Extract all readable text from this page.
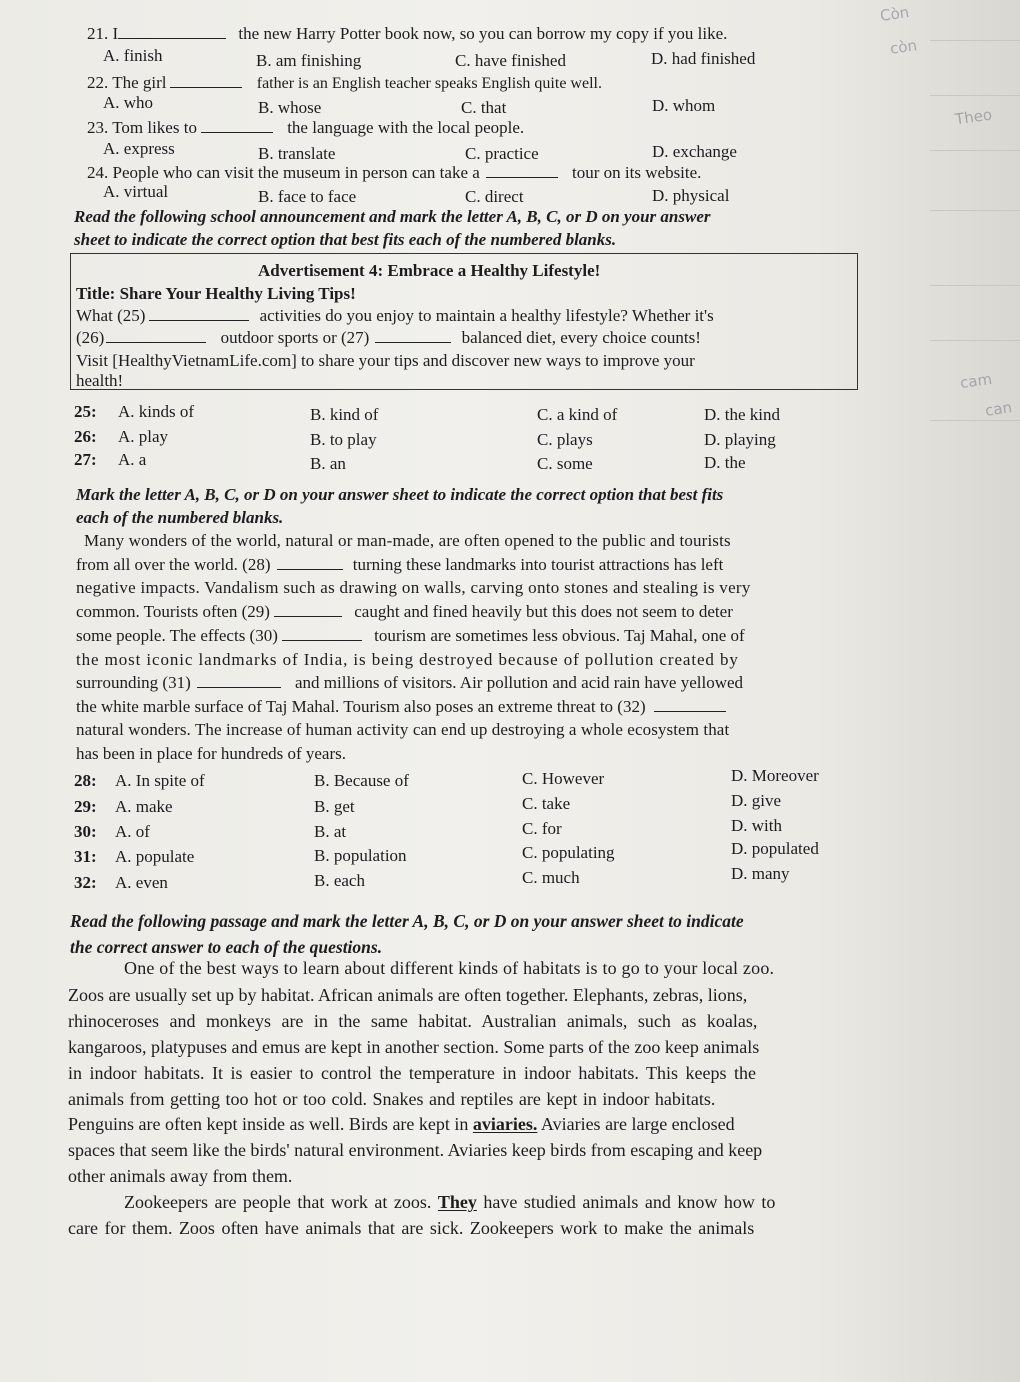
Còn
còn
Theo
cam
can
21. I	the new Harry Potter book now, so you can borrow my copy if you like.
A. finish	B. am finishing	C. have finished	D. had finished
22. The girl	father is an English teacher speaks English quite well.
A. who	B. whose	C. that	D. whom
23. Tom likes to	the language with the local people.
A. express	B. translate	C. practice	D. exchange
24. People who can visit the museum in person can take a	tour on its website.
A. virtual	B. face to face	C. direct	D. physical
Read the following school announcement and mark the letter A, B, C, or D on your answer
sheet to indicate the correct option that best fits each of the numbered blanks.
Advertisement 4: Embrace a Healthy Lifestyle!
Title: Share Your Healthy Living Tips!
What (25)	activities do you enjoy to maintain a healthy lifestyle? Whether it's
(26)	outdoor sports or (27)	balanced diet, every choice counts!
Visit [HealthyVietnamLife.com] to share your tips and discover new ways to improve your
health!
25: A. kinds of	B. kind of	C. a kind of	D. the kind
26: A. play	B. to play	C. plays	D. playing
27: A. a	B. an	C. some	D. the
Mark the letter A, B, C, or D on your answer sheet to indicate the correct option that best fits
each of the numbered blanks.
Many wonders of the world, natural or man-made, are often opened to the public and tourists
from all over the world. (28)	turning these landmarks into tourist attractions has left
negative impacts. Vandalism such as drawing on walls, carving onto stones and stealing is very
common. Tourists often (29)	caught and fined heavily but this does not seem to deter
some people. The effects (30)	tourism are sometimes less obvious. Taj Mahal, one of
the most iconic landmarks of India, is being destroyed because of pollution created by
surrounding (31)	and millions of visitors. Air pollution and acid rain have yellowed
the white marble surface of Taj Mahal. Tourism also poses an extreme threat to (32)
natural wonders. The increase of human activity can end up destroying a whole ecosystem that
has been in place for hundreds of years.
28: A. In spite of	B. Because of	C. However	D. Moreover
29: A. make	B. get	C. take	D. give
30: A. of	B. at	C. for	D. with
31: A. populate	B. population	C. populating	D. populated
32: A. even	B. each	C. much	D. many
Read the following passage and mark the letter A, B, C, or D on your answer sheet to indicate
the correct answer to each of the questions.
One of the best ways to learn about different kinds of habitats is to go to your local zoo.
Zoos are usually set up by habitat. African animals are often together. Elephants, zebras, lions,
rhinoceroses and monkeys are in the same habitat. Australian animals, such as koalas,
kangaroos, platypuses and emus are kept in another section. Some parts of the zoo keep animals
in indoor habitats. It is easier to control the temperature in indoor habitats. This keeps the
animals from getting too hot or too cold. Snakes and reptiles are kept in indoor habitats.
Penguins are often kept inside as well. Birds are kept in aviaries. Aviaries are large enclosed
spaces that seem like the birds' natural environment. Aviaries keep birds from escaping and keep
other animals away from them.
Zookeepers are people that work at zoos. They have studied animals and know how to
care for them. Zoos often have animals that are sick. Zookeepers work to make the animals
